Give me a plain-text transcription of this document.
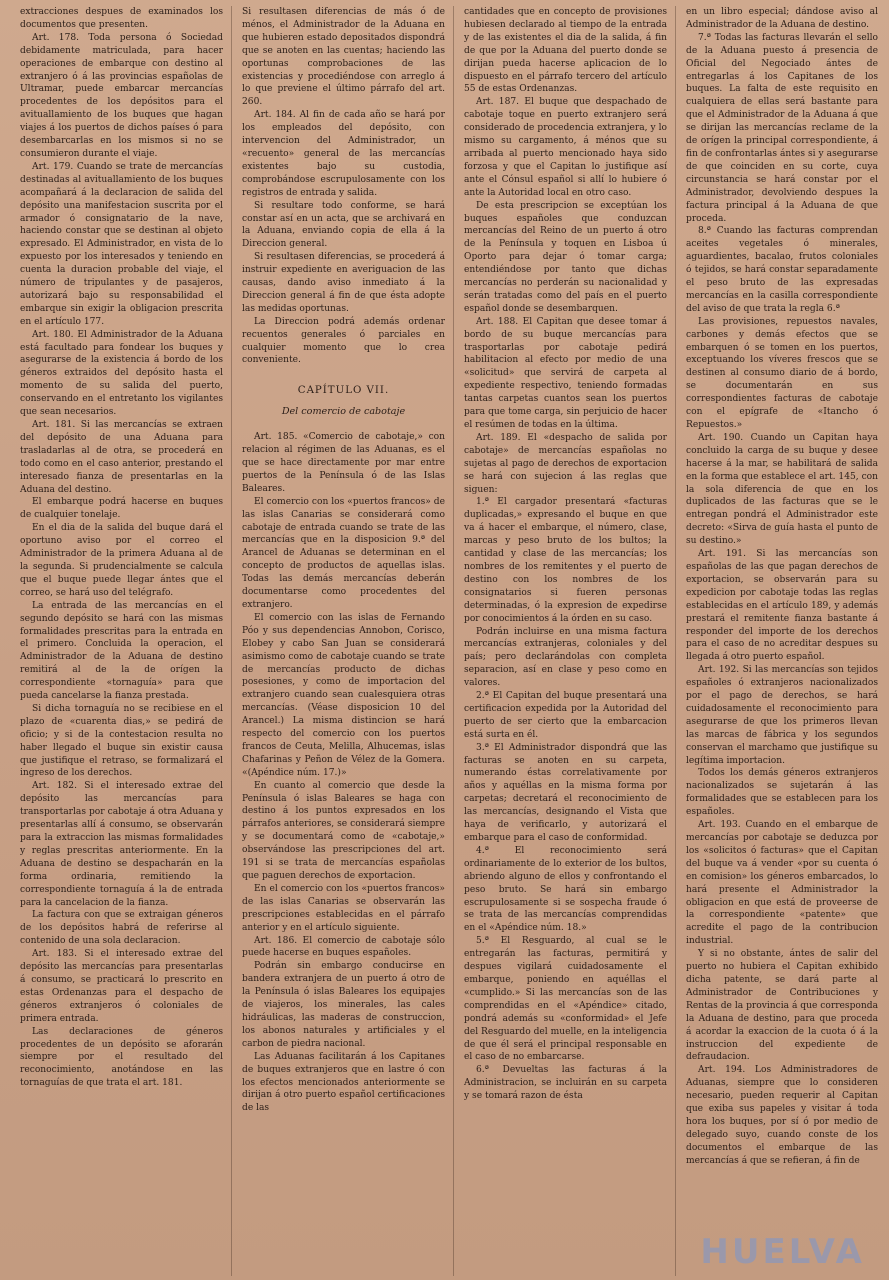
extracciones despues de examinados los documentos que presenten.

Art. 178. Toda persona ó Sociedad debidamente matriculada, para hacer operaciones de embarque con destino al extranjero ó á las provincias españolas de Ultramar, puede embarcar mercancías procedentes de los depósitos para el avituallamiento de los buques que hagan viajes á los puertos de dichos países ó para desembarcarlas en los mismos si no se consumieron durante el viaje.

Art. 179. Cuando se trate de mercancías destinadas al avituallamiento de los buques acompañará á la declaracion de salida del depósito una manifestacion suscrita por el armador ó consignatario de la nave, haciendo constar que se destinan al objeto expresado. El Administrador, en vista de lo expuesto por los interesados y teniendo en cuenta la duracion probable del viaje, el número de tripulantes y de pasajeros, autorizará bajo su responsabilidad el embarque sin exigir la obligacion prescrita en el artículo 177.

Art. 180. El Administrador de la Aduana está facultado para fondear los buques y asegurarse de la existencia á bordo de los géneros extraidos del depósito hasta el momento de su salida del puerto, conservando en el entretanto los vigilantes que sean necesarios.

Art. 181. Si las mercancías se extraen del depósito de una Aduana para trasladarlas al de otra, se procederá en todo como en el caso anterior, prestando el interesado fianza de presentarlas en la Aduana del destino.

El embarque podrá hacerse en buques de cualquier tonelaje.

En el dia de la salida del buque dará el oportuno aviso por el correo el Administrador de la primera Aduana al de la segunda. Si prudencialmente se calcula que el buque puede llegar ántes que el correo, se hará uso del telégrafo.

La entrada de las mercancías en el segundo depósito se hará con las mismas formalidades prescritas para la entrada en el primero. Concluida la operacion, el Administrador de la Aduana de destino remitirá al de la de orígen la correspondiente «tornaguía» para que pueda cancelarse la fianza prestada.

Si dicha tornaguía no se recibiese en el plazo de «cuarenta dias,» se pedirá de oficio; y si de la contestacion resulta no haber llegado el buque sin existir causa que justifique el retraso, se formalizará el ingreso de los derechos.

Art. 182. Si el interesado extrae del depósito las mercancías para transportarlas por cabotaje á otra Aduana y presentarlas allí á consumo, se observarán para la extraccion las mismas formalidades y reglas prescritas anteriormente. En la Aduana de destino se despacharán en la forma ordinaria, remitiendo la correspondiente tornaguía á la de entrada para la cancelacion de la fianza.

La factura con que se extraigan géneros de los depósitos habrá de referirse al contenido de una sola declaracion.

Art. 183. Si el interesado extrae del depósito las mercancías para presentarlas á consumo, se practicará lo prescrito en estas Ordenanzas para el despacho de géneros extranjeros ó coloniales de primera entrada.

Las declaraciones de géneros procedentes de un depósito se aforarán siempre por el resultado del reconocimiento, anotándose en las tornaguías de que trata el art. 181.

Si resultasen diferencias de más ó de ménos, el Administrador de la Aduana en que hubieren estado depositados dispondrá que se anoten en las cuentas; haciendo las oportunas comprobaciones de las existencias y procediéndose con arreglo á lo que previene el último párrafo del art. 260.

Art. 184. Al fin de cada año se hará por los empleados del depósito, con intervencion del Administrador, un «recuento» general de las mercancías existentes bajo su custodia, comprobándose escrupulosamente con los registros de entrada y salida.

Si resultare todo conforme, se hará constar así en un acta, que se archivará en la Aduana, enviando copia de ella á la Direccion general.

Si resultasen diferencias, se procederá á instruir expediente en averiguacion de las causas, dando aviso inmediato á la Direccion general á fin de que ésta adopte las medidas oportunas.

La Direccion podrá además ordenar recuentos generales ó parciales en cualquier momento que lo crea conveniente.

CAPÍTULO VII.
Del comercio de cabotaje

Art. 185. «Comercio de cabotaje,» con relacion al régimen de las Aduanas, es el que se hace directamente por mar entre puertos de la Península ó de las Islas Baleares.

El comercio con los «puertos francos» de las islas Canarias se considerará como cabotaje de entrada cuando se trate de las mercancías que en la disposicion 9.ª del Arancel de Aduanas se determinan en el concepto de productos de aquellas islas. Todas las demás mercancías deberán documentarse como procedentes del extranjero.

El comercio con las islas de Fernando Póo y sus dependencias Annobon, Corisco, Elobey y cabo San Juan se considerará asimismo como de cabotaje cuando se trate de mercancías producto de dichas posesiones, y como de importacion del extranjero cuando sean cualesquiera otras mercancías. (Véase disposicion 10 del Arancel.) La misma distincion se hará respecto del comercio con los puertos francos de Ceuta, Melilla, Alhucemas, islas Chafarinas y Peñon de Vélez de la Gomera. «(Apéndice núm. 17.)»

En cuanto al comercio que desde la Península ó islas Baleares se haga con destino á los puntos expresados en los párrafos anteriores, se considerará siempre y se documentará como de «cabotaje,» observándose las prescripciones del art. 191 si se trata de mercancías españolas que paguen derechos de exportacion.

En el comercio con los «puertos francos» de las islas Canarias se observarán las prescripciones establecidas en el párrafo anterior y en el artículo siguiente.

Art. 186. El comercio de cabotaje sólo puede hacerse en buques españoles.

Podrán sin embargo conducirse en bandera extranjera de un puerto á otro de la Península ó islas Baleares los equipajes de viajeros, los minerales, las cales hidráulicas, las maderas de construccion, los abonos naturales y artificiales y el carbon de piedra nacional.

Las Aduanas facilitarán á los Capitanes de buques extranjeros que en lastre ó con los efectos mencionados anteriormente se dirijan á otro puerto español certificaciones de las

cantidades que en concepto de provisiones hubiesen declarado al tiempo de la entrada y de las existentes el dia de la salida, á fin de que por la Aduana del puerto donde se dirijan pueda hacerse aplicacion de lo dispuesto en el párrafo tercero del artículo 55 de estas Ordenanzas.

Art. 187. El buque que despachado de cabotaje toque en puerto extranjero será considerado de procedencia extranjera, y lo mismo su cargamento, á ménos que su arribada al puerto mencionado haya sido forzosa y que el Capitan lo justifique así ante el Cónsul español si allí lo hubiere ó ante la Autoridad local en otro caso.

De esta prescripcion se exceptúan los buques españoles que conduzcan mercancías del Reino de un puerto á otro de la Península y toquen en Lisboa ú Oporto para dejar ó tomar carga; entendiéndose por tanto que dichas mercancías no perderán su nacionalidad y serán tratadas como del país en el puerto español donde se desembarquen.

Art. 188. El Capitan que desee tomar á bordo de su buque mercancías para trasportarlas por cabotaje pedirá habilitacion al efecto por medio de una «solicitud» que servirá de carpeta al expediente respectivo, teniendo formadas tantas carpetas cuantos sean los puertos para que tome carga, sin perjuicio de hacer el resúmen de todas en la última.

Art. 189. El «despacho de salida por cabotaje» de mercancías españolas no sujetas al pago de derechos de exportacion se hará con sujecion á las reglas que siguen:

1.ª El cargador presentará «facturas duplicadas,» expresando el buque en que va á hacer el embarque, el número, clase, marcas y peso bruto de los bultos; la cantidad y clase de las mercancías; los nombres de los remitentes y el puerto de destino con los nombres de los consignatarios si fueren personas determinadas, ó la expresion de expedirse por conocimientos á la órden en su caso.

Podrán incluirse en una misma factura mercancías extranjeras, coloniales y del país; pero declarándolas con completa separacion, así en clase y peso como en valores.

2.ª El Capitan del buque presentará una certificacion expedida por la Autoridad del puerto de ser cierto que la embarcacion está surta en él.

3.ª El Administrador dispondrá que las facturas se anoten en su carpeta, numerando éstas correlativamente por años y aquéllas en la misma forma por carpetas; decretará el reconocimiento de las mercancías, designando el Vista que haya de verificarlo, y autorizará el embarque para el caso de conformidad.

4.ª El reconocimiento será ordinariamente de lo exterior de los bultos, abriendo alguno de ellos y confrontando el peso bruto. Se hará sin embargo escrupulosamente si se sospecha fraude ó se trata de las mercancías comprendidas en el «Apéndice núm. 18.»

5.ª El Resguardo, al cual se le entregarán las facturas, permitirá y despues vigilará cuidadosamente el embarque, poniendo en aquéllas el «cumplido.» Si las mercancías son de las comprendidas en el «Apéndice» citado, pondrá además su «conformidad» el Jefe del Resguardo del muelle, en la inteligencia de que él será el principal responsable en el caso de no embarcarse.

6.ª Devueltas las facturas á la Administracion, se incluirán en su carpeta y se tomará razon de ésta

en un libro especial; dándose aviso al Administrador de la Aduana de destino.

7.ª Todas las facturas llevarán el sello de la Aduana puesto á presencia de Oficial del Negociado ántes de entregarlas á los Capitanes de los buques. La falta de este requisito en cualquiera de ellas será bastante para que el Administrador de la Aduana á que se dirijan las mercancías reclame de la de orígen la principal correspondiente, á fin de confrontarlas ántes si y asegurarse de que coinciden en su corte, cuya circunstancia se hará constar por el Administrador, devolviendo despues la factura principal á la Aduana de que proceda.

8.ª Cuando las facturas comprendan aceites vegetales ó minerales, aguardientes, bacalao, frutos coloniales ó tejidos, se hará constar separadamente el peso bruto de las expresadas mercancías en la casilla correspondiente del aviso de que trata la regla 6.ª

Las provisiones, repuestos navales, carbones y demás efectos que se embarquen ó se tomen en los puertos, exceptuando los víveres frescos que se destinen al consumo diario de á bordo, se documentarán en sus correspondientes facturas de cabotaje con el epígrafe de «Itancho ó Repuestos.»

Art. 190. Cuando un Capitan haya concluido la carga de su buque y desee hacerse á la mar, se habilitará de salida en la forma que establece el art. 145, con la sola diferencia de que en los duplicados de las facturas que se le entregan pondrá el Administrador este decreto: «Sirva de guía hasta el punto de su destino.»

Art. 191. Si las mercancías son españolas de las que pagan derechos de exportacion, se observarán para su expedicion por cabotaje todas las reglas establecidas en el artículo 189, y además prestará el remitente fianza bastante á responder del importe de los derechos para el caso de no acreditar despues su llegada á otro puerto español.

Art. 192. Si las mercancías son tejidos españoles ó extranjeros nacionalizados por el pago de derechos, se hará cuidadosamente el reconocimiento para asegurarse de que los primeros llevan las marcas de fábrica y los segundos conservan el marchamo que justifique su legítima importacion.

Todos los demás géneros extranjeros nacionalizados se sujetarán á las formalidades que se establecen para los españoles.

Art. 193. Cuando en el embarque de mercancías por cabotaje se deduzca por los «solicitos ó facturas» que el Capitan del buque va á vender «por su cuenta ó en comision» los géneros embarcados, lo hará presente el Administrador la obligacion en que está de proveerse de la correspondiente «patente» que acredite el pago de la contribucion industrial.

Y si no obstante, ántes de salir del puerto no hubiera el Capitan exhibido dicha patente, se dará parte al Administrador de Contribuciones y Rentas de la provincia á que corresponda la Aduana de destino, para que proceda á acordar la exaccion de la cuota ó á la instruccion del expediente de defraudacion.

Art. 194. Los Administradores de Aduanas, siempre que lo consideren necesario, pueden requerir al Capitan que exiba sus papeles y visitar á toda hora los buques, por sí ó por medio de delegado suyo, cuando conste de los documentos el embarque de las mercancías á que se refieran, á fin de

HUELVA
